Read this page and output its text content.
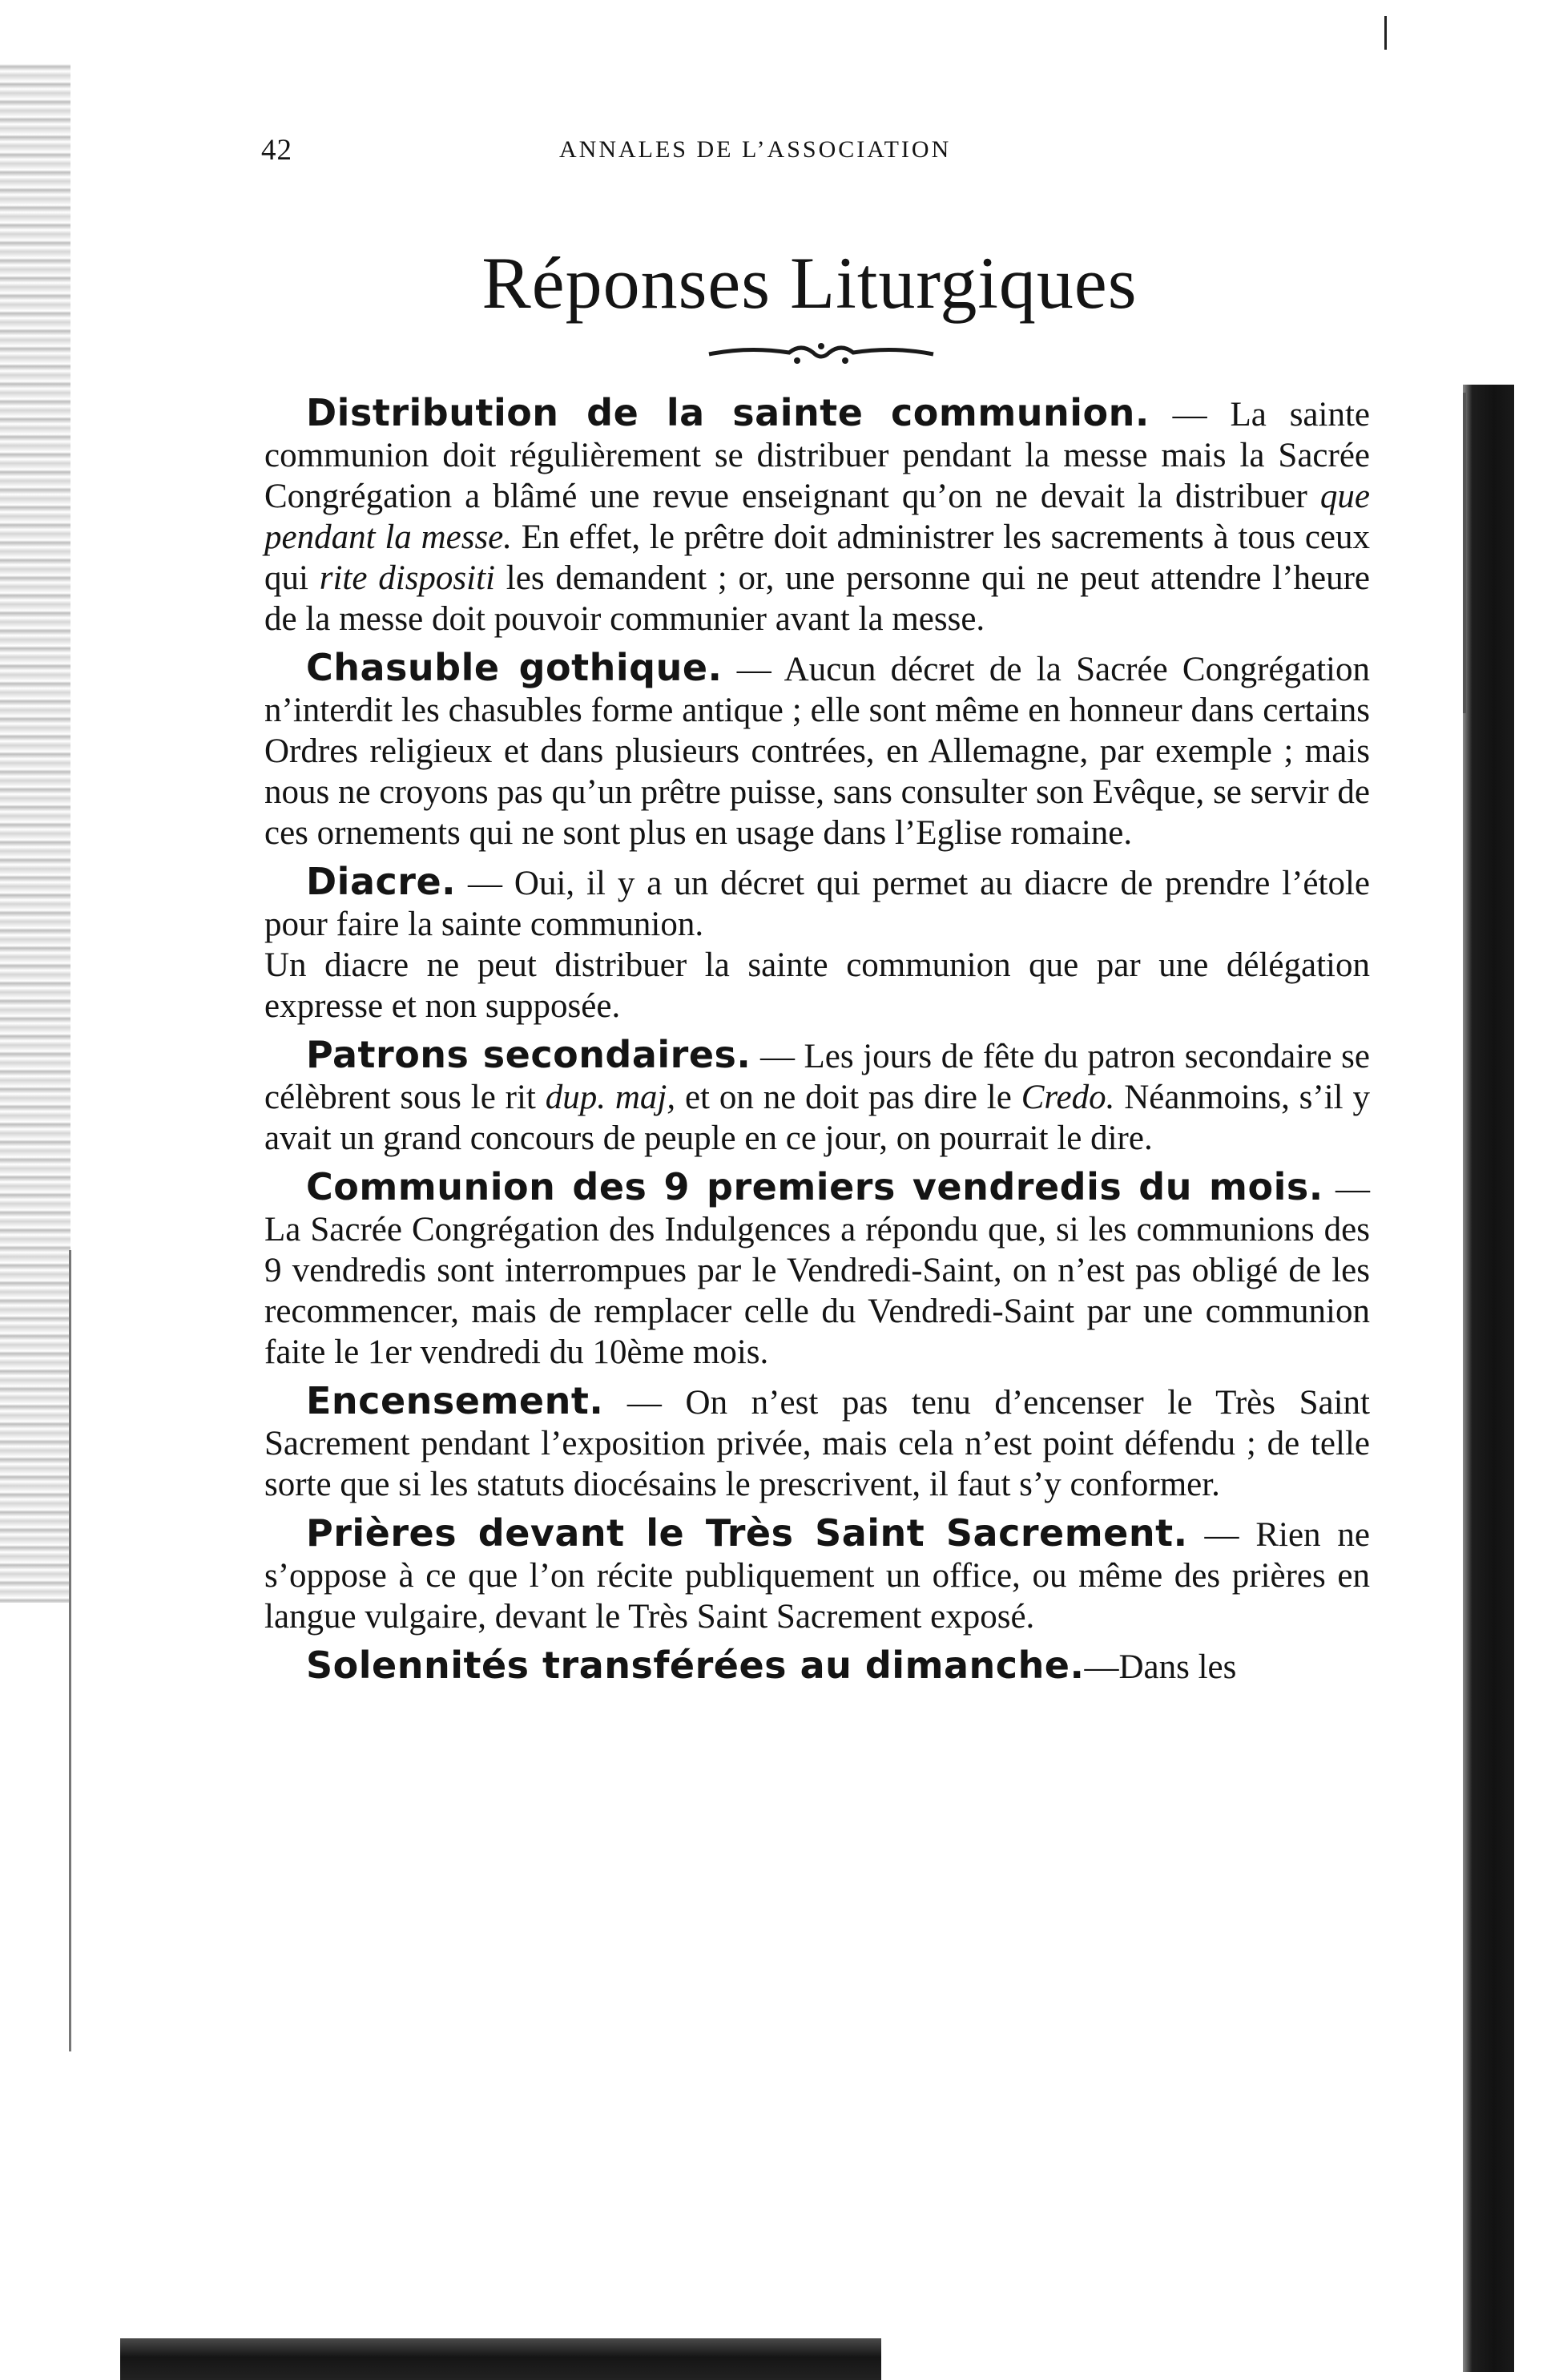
42	ANNALES DE L’ASSOCIATION
Réponses Liturgiques

Distribution de la sainte communion. — La sainte communion doit régulièrement se distribuer pendant la messe mais la Sacrée Congrégation a blâmé une revue enseignant qu’on ne devait la distribuer que pendant la messe. En effet, le prêtre doit administrer les sacrements à tous ceux qui rite dispositi les demandent ; or, une personne qui ne peut attendre l’heure de la messe doit pouvoir communier avant la messe.

Chasuble gothique. — Aucun décret de la Sacrée Congrégation n’interdit les chasubles forme antique ; elle sont même en honneur dans certains Ordres religieux et dans plusieurs contrées, en Allemagne, par exemple ; mais nous ne croyons pas qu’un prêtre puisse, sans consulter son Evêque, se servir de ces ornements qui ne sont plus en usage dans l’Eglise romaine.

Diacre. — Oui, il y a un décret qui permet au diacre de prendre l’étole pour faire la sainte communion.

Un diacre ne peut distribuer la sainte communion que par une délégation expresse et non supposée.

Patrons secondaires. — Les jours de fête du patron secondaire se célèbrent sous le rit dup. maj, et on ne doit pas dire le Credo. Néanmoins, s’il y avait un grand concours de peuple en ce jour, on pourrait le dire.

Communion des 9 premiers vendredis du mois. — La Sacrée Congrégation des Indulgences a répondu que, si les communions des 9 vendredis sont interrompues par le Vendredi-Saint, on n’est pas obligé de les recommencer, mais de remplacer celle du Vendredi-Saint par une communion faite le 1er vendredi du 10ème mois.

Encensement. — On n’est pas tenu d’encenser le Très Saint Sacrement pendant l’exposition privée, mais cela n’est point défendu ; de telle sorte que si les statuts diocésains le prescrivent, il faut s’y conformer.

Prières devant le Très Saint Sacrement. — Rien ne s’oppose à ce que l’on récite publiquement un office, ou même des prières en langue vulgaire, devant le Très Saint Sacrement exposé.

Solennités transférées au dimanche.—Dans les
